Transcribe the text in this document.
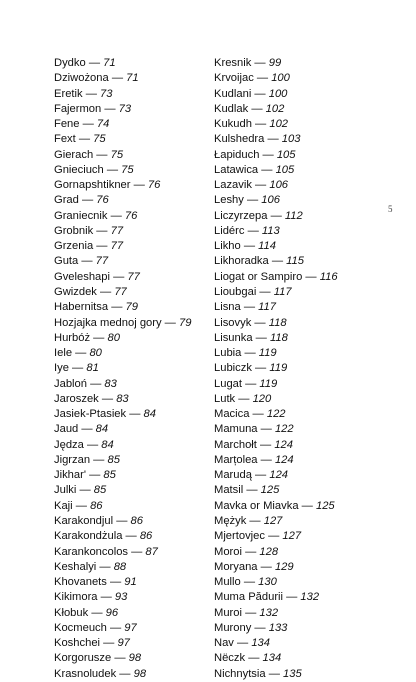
Dydko — 71
Dziwożona — 71
Eretik — 73
Fajermon — 73
Fene — 74
Fext — 75
Gierach — 75
Gnieciuch — 75
Gornapshtikner — 76
Grad — 76
Graniecnik — 76
Grobnik — 77
Grzenia — 77
Guta — 77
Gveleshapi — 77
Gwizdek — 77
Habernitsa — 79
Hozjajka mednoj gory — 79
Hurbóż — 80
Iele — 80
Iye — 81
Jabloń — 83
Jaroszek — 83
Jasiek-Ptasiek — 84
Jaud — 84
Jędza — 84
Jigrzan — 85
Jikhar' — 85
Julki — 85
Kaji — 86
Karakondjul — 86
Karakondżula — 86
Karankoncolos — 87
Keshalyi — 88
Khovanets — 91
Kikimora — 93
Kłobuk — 96
Kocmeuch — 97
Koshchei — 97
Korgorusze — 98
Krasnoludek — 98
Kresnik — 99
Krvoijac — 100
Kudlani — 100
Kudlak — 102
Kukudh — 102
Kulshedra — 103
Łapiduch — 105
Latawica — 105
Lazavik — 106
Leshy — 106
Liczyrzepa — 112
Lidérc — 113
Likho — 114
Likhoradka — 115
Liogat or Sampiro — 116
Lioubgai — 117
Lisna — 117
Lisovyk — 118
Lisunka — 118
Lubia — 119
Lubiczk — 119
Lugat — 119
Lutk — 120
Macica — 122
Mamuna — 122
Marchołt — 124
Marțolea — 124
Marudą — 124
Matsil — 125
Mavka or Miavka — 125
Mężyk — 127
Mjertovjec — 127
Moroi — 128
Moryana — 129
Mullo — 130
Muma Pădurii — 132
Muroi — 132
Murony — 133
Nav — 134
Nëczk — 134
Nichnytsia — 135
5
